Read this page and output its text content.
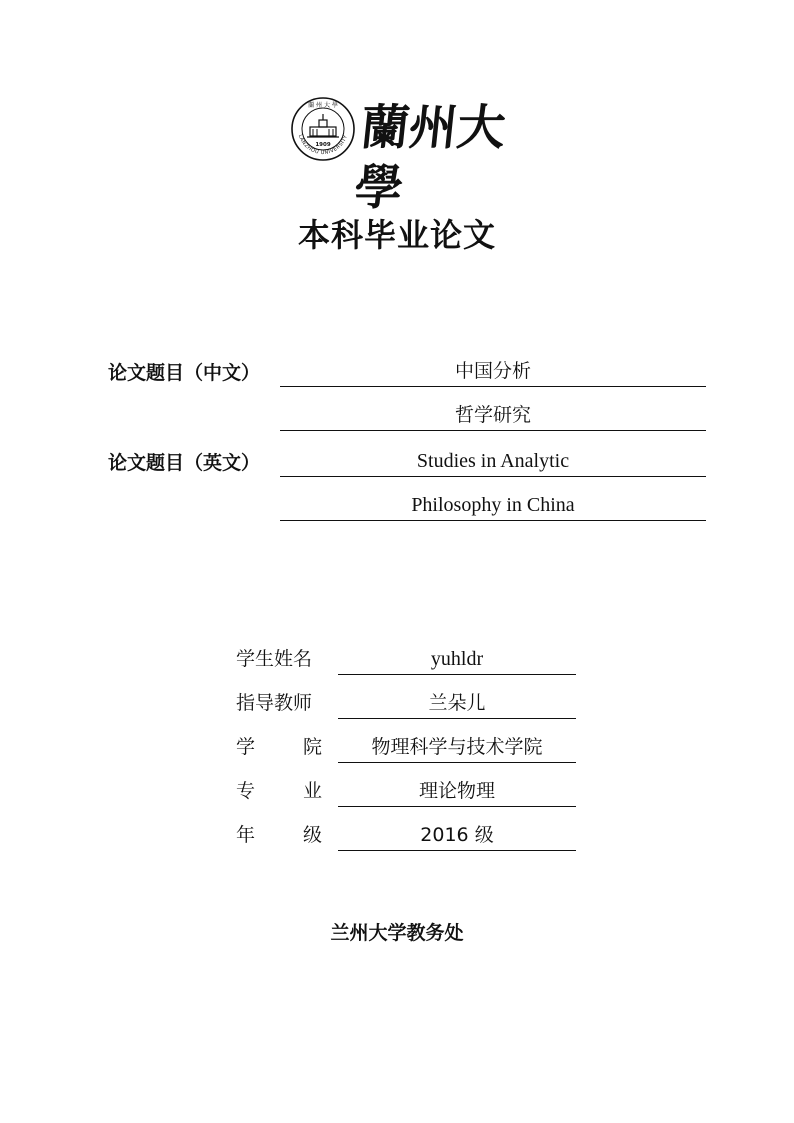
1909
LANZHOU UNIVERSITY
蘭 州 大 學 蘭州大學
本科毕业论文
论文题目（中文）	中国分析
哲学研究
论文题目（英文）	Studies in Analytic
Philosophy in China
学生姓名	yuhldr
指导教师	兰朵儿
学	院	物理科学与技术学院
专	业	理论物理
年	级	2016 级
兰州大学教务处
